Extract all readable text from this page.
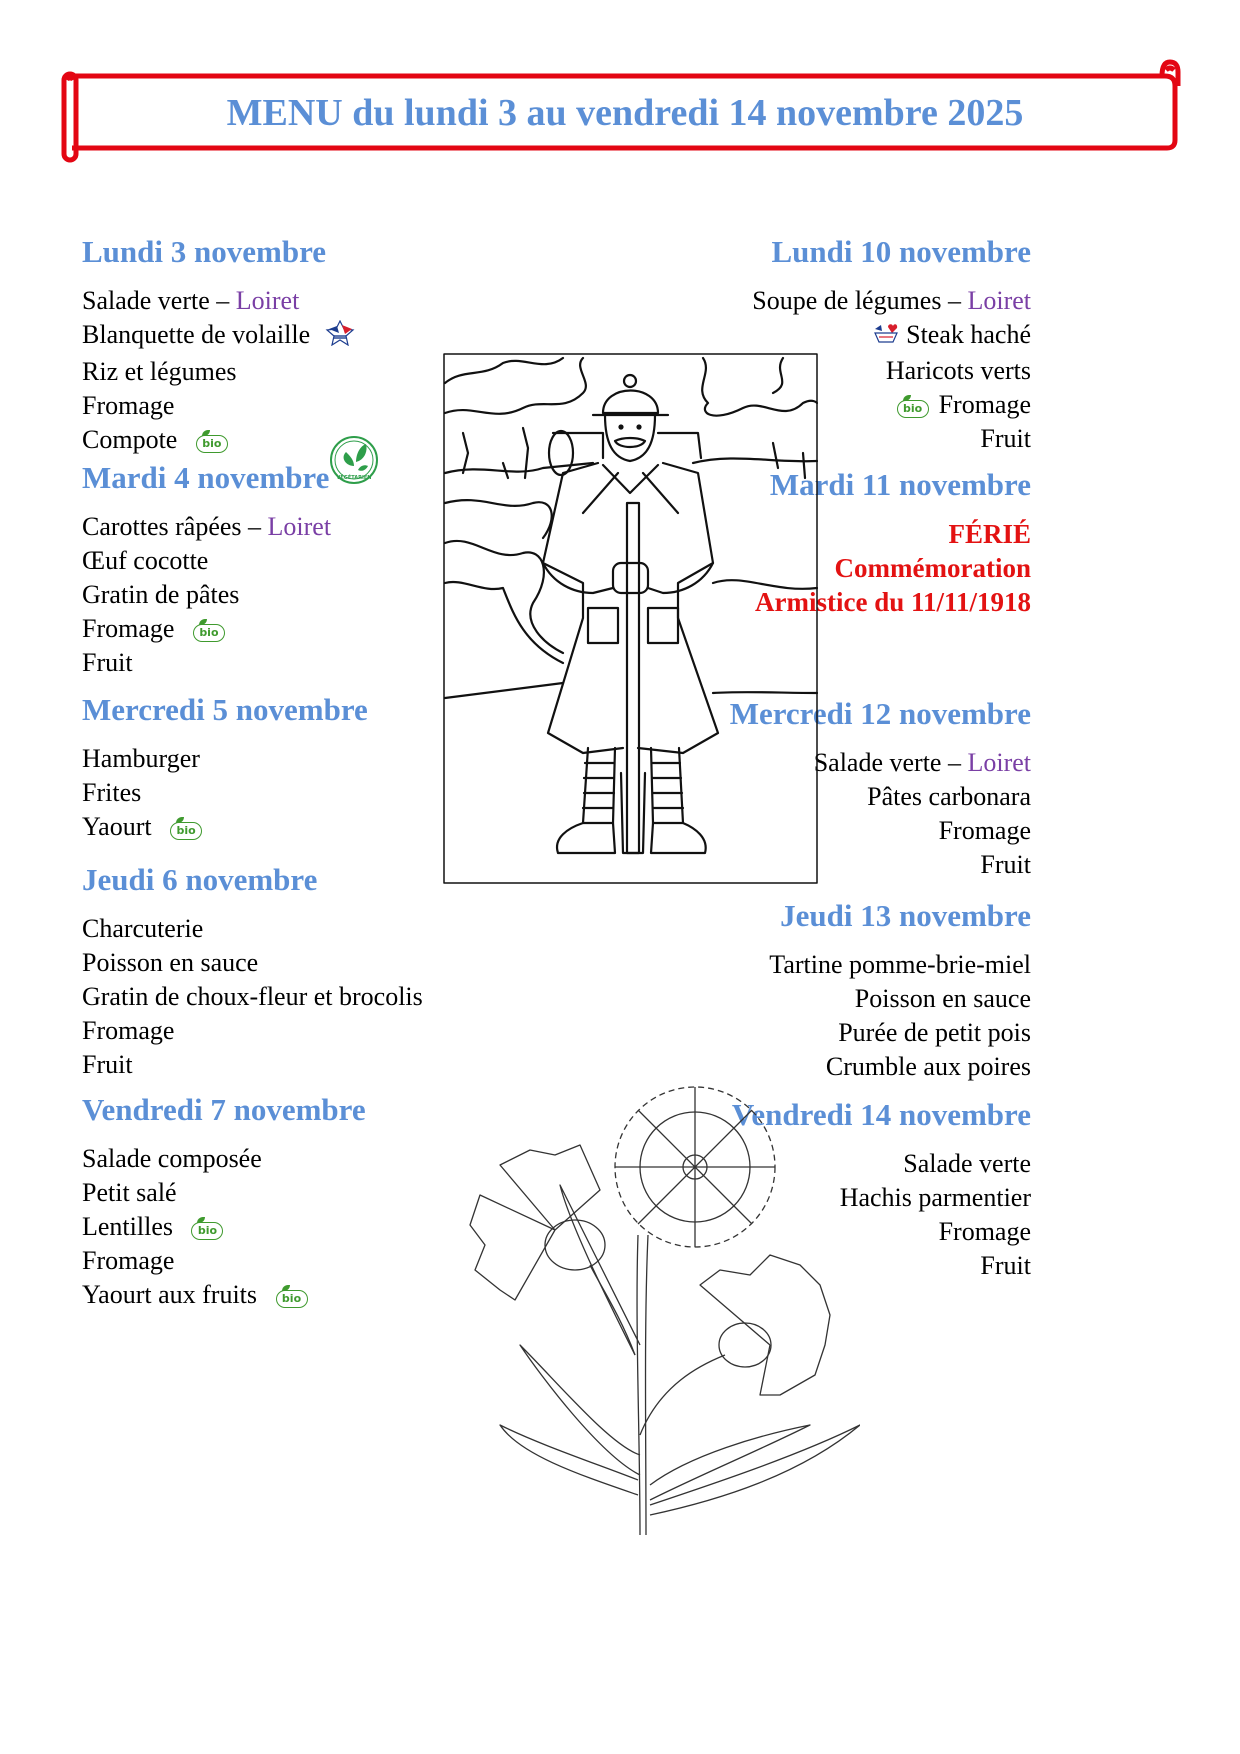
MENU du lundi 3 au vendredi 14 novembre 2025
Lundi 3 novembre
Salade verte – Loiret
Blanquette de volaille
Riz et légumes
Fromage
Compote bio
Mardi 4 novembre VÉGÉTARIEN
Carottes râpées – Loiret
Œuf cocotte
Gratin de pâtes
Fromage bio
Fruit
Mercredi 5 novembre
Hamburger
Frites
Yaourt bio
Jeudi 6 novembre
Charcuterie
Poisson en sauce
Gratin de choux-fleur et brocolis
Fromage
Fruit
Vendredi 7 novembre
Salade composée
Petit salé
Lentilles bio
Fromage
Yaourt aux fruits bio
Lundi 10 novembre
Soupe de légumes – Loiret
Steak haché
Haricots verts
bioFromage
Fruit
Mardi 11 novembre
FÉRIÉ
Commémoration
Armistice du 11/11/1918
Mercredi 12 novembre
Salade verte – Loiret
Pâtes carbonara
Fromage
Fruit
Jeudi 13 novembre
Tartine pomme-brie-miel
Poisson en sauce
Purée de petit pois
Crumble aux poires
Vendredi 14 novembre
Salade verte
Hachis parmentier
Fromage
Fruit
